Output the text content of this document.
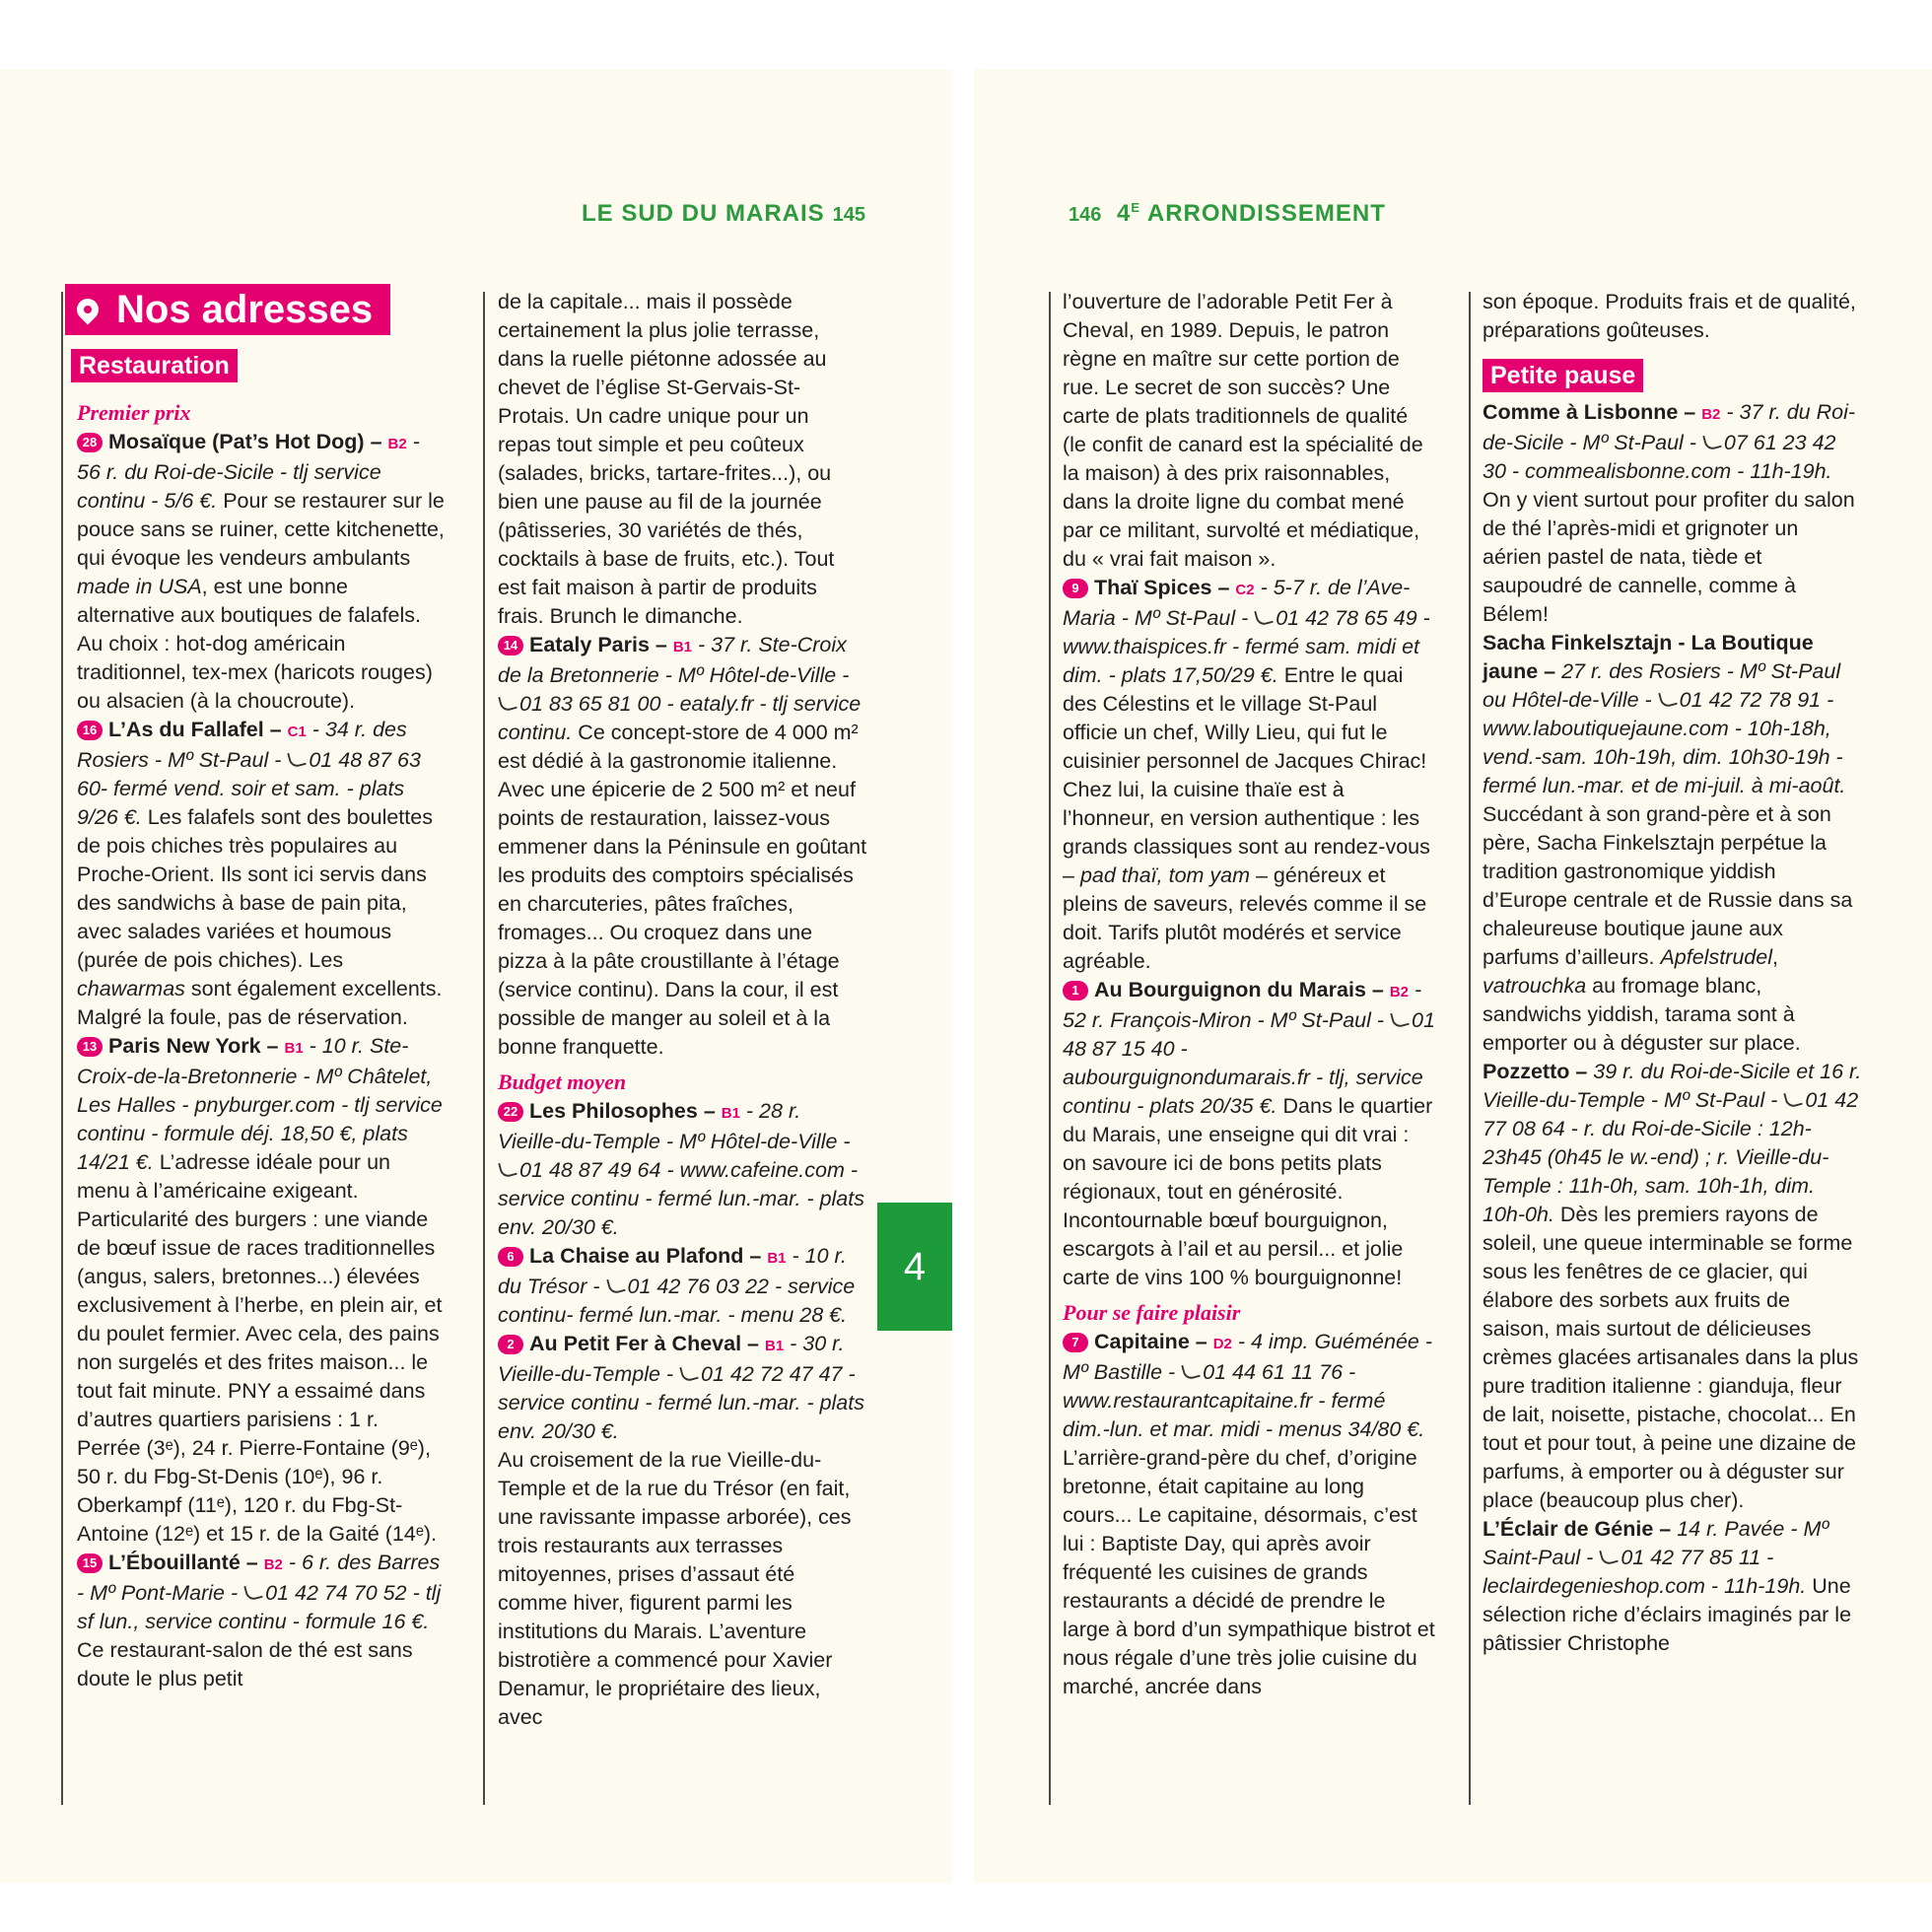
LE SUD DU MARAIS 145	146 $4^E$ ARRONDISSEMENT
4
Nos adresses

Restauration
Premier prix

28 Mosaïque (Pat’s Hot Dog) – B2 - 56 r. du Roi-de-Sicile - tlj service continu - 5/6 €. Pour se restaurer sur le pouce sans se ruiner, cette kitchenette, qui évoque les vendeurs ambulants made in USA, est une bonne alternative aux boutiques de falafels. Au choix : hot-dog américain traditionnel, tex-mex (haricots rouges) ou alsacien (à la choucroute).

16 L’As du Fallafel – C1 - 34 r. des Rosiers - Mº St-Paul - 01 48 87 63 60- fermé vend. soir et sam. - plats 9/26 €. Les falafels sont des boulettes de pois chiches très populaires au Proche-Orient. Ils sont ici servis dans des sandwichs à base de pain pita, avec salades variées et houmous (purée de pois chiches). Les chawarmas sont également excellents. Malgré la foule, pas de réservation.

13 Paris New York – B1 - 10 r. Ste-Croix-de-la-Bretonnerie - Mº Châtelet, Les Halles - pnyburger.com - tlj service continu - formule déj. 18,50 €, plats 14/21 €. L’adresse idéale pour un menu à l’américaine exigeant. Particularité des burgers : une viande de bœuf issue de races traditionnelles (angus, salers, bretonnes...) élevées exclusivement à l’herbe, en plein air, et du poulet fermier. Avec cela, des pains non surgelés et des frites maison... le tout fait minute. PNY a essaimé dans d’autres quartiers parisiens : 1 r. Perrée (3ᵉ), 24 r. Pierre-Fontaine (9ᵉ), 50 r. du Fbg-St-Denis (10ᵉ), 96 r. Oberkampf (11ᵉ), 120 r. du Fbg-St-Antoine (12ᵉ) et 15 r. de la Gaité (14ᵉ).

15 L’Ébouillanté – B2 - 6 r. des Barres - Mº Pont-Marie - 01 42 74 70 52 - tlj sf lun., service continu - formule 16 €. Ce restaurant-salon de thé est sans doute le plus petit

de la capitale... mais il possède certainement la plus jolie terrasse, dans la ruelle piétonne adossée au chevet de l’église St-Gervais-St-Protais. Un cadre unique pour un repas tout simple et peu coûteux (salades, bricks, tartare-frites...), ou bien une pause au fil de la journée (pâtisseries, 30 variétés de thés, cocktails à base de fruits, etc.). Tout est fait maison à partir de produits frais. Brunch le dimanche.

14 Eataly Paris – B1 - 37 r. Ste-Croix de la Bretonnerie - Mº Hôtel-de-Ville - 01 83 65 81 00 - eataly.fr - tlj service continu. Ce concept-store de 4 000 m² est dédié à la gastronomie italienne. Avec une épicerie de 2 500 m² et neuf points de restauration, laissez-vous emmener dans la Péninsule en goûtant les produits des comptoirs spécialisés en charcuteries, pâtes fraîches, fromages... Ou croquez dans une pizza à la pâte croustillante à l’étage (service continu). Dans la cour, il est possible de manger au soleil et à la bonne franquette.

Budget moyen

22 Les Philosophes – B1 - 28 r. Vieille-du-Temple - Mº Hôtel-de-Ville - 01 48 87 49 64 - www.cafeine.com - service continu - fermé lun.-mar. - plats env. 20/30 €.

6 La Chaise au Plafond – B1 - 10 r. du Trésor - 01 42 76 03 22 - service continu- fermé lun.-mar. - menu 28 €.

2 Au Petit Fer à Cheval – B1 - 30 r. Vieille-du-Temple - 01 42 72 47 47 - service continu - fermé lun.-mar. - plats env. 20/30 €.

Au croisement de la rue Vieille-du-Temple et de la rue du Trésor (en fait, une ravissante impasse arborée), ces trois restaurants aux terrasses mitoyennes, prises d’assaut été comme hiver, figurent parmi les institutions du Marais. L’aventure bistrotière a commencé pour Xavier Denamur, le propriétaire des lieux, avec

l’ouverture de l’adorable Petit Fer à Cheval, en 1989. Depuis, le patron règne en maître sur cette portion de rue. Le secret de son succès? Une carte de plats traditionnels de qualité (le confit de canard est la spécialité de la maison) à des prix raisonnables, dans la droite ligne du combat mené par ce militant, survolté et médiatique, du « vrai fait maison ».

9 Thaï Spices – C2 - 5-7 r. de l’Ave-Maria - Mº St-Paul - 01 42 78 65 49 - www.thaispices.fr - fermé sam. midi et dim. - plats 17,50/29 €. Entre le quai des Célestins et le village St-Paul officie un chef, Willy Lieu, qui fut le cuisinier personnel de Jacques Chirac! Chez lui, la cuisine thaïe est à l’honneur, en version authentique : les grands classiques sont au rendez-vous – pad thaï, tom yam – généreux et pleins de saveurs, relevés comme il se doit. Tarifs plutôt modérés et service agréable.

1 Au Bourguignon du Marais – B2 - 52 r. François-Miron - Mº St-Paul - 01 48 87 15 40 - aubourguignondumarais.fr - tlj, service continu - plats 20/35 €. Dans le quartier du Marais, une enseigne qui dit vrai : on savoure ici de bons petits plats régionaux, tout en générosité. Incontournable bœuf bourguignon, escargots à l’ail et au persil... et jolie carte de vins 100 % bourguignonne!

Pour se faire plaisir

7 Capitaine – D2 - 4 imp. Guéménée - Mº Bastille - 01 44 61 11 76 - www.restaurantcapitaine.fr - fermé dim.-lun. et mar. midi - menus 34/80 €. L’arrière-grand-père du chef, d’origine bretonne, était capitaine au long cours... Le capitaine, désormais, c’est lui : Baptiste Day, qui après avoir fréquenté les cuisines de grands restaurants a décidé de prendre le large à bord d’un sympathique bistrot et nous régale d’une très jolie cuisine du marché, ancrée dans

son époque. Produits frais et de qualité, préparations goûteuses.

Petite pause

Comme à Lisbonne – B2 - 37 r. du Roi-de-Sicile - Mº St-Paul - 07 61 23 42 30 - commealisbonne.com - 11h-19h. On y vient surtout pour profiter du salon de thé l’après-midi et grignoter un aérien pastel de nata, tiède et saupoudré de cannelle, comme à Bélem!

Sacha Finkelsztajn - La Boutique jaune – 27 r. des Rosiers - Mº St-Paul ou Hôtel-de-Ville - 01 42 72 78 91 - www.laboutiquejaune.com - 10h-18h, vend.-sam. 10h-19h, dim. 10h30-19h - fermé lun.-mar. et de mi-juil. à mi-août. Succédant à son grand-père et à son père, Sacha Finkelsztajn perpétue la tradition gastronomique yiddish d’Europe centrale et de Russie dans sa chaleureuse boutique jaune aux parfums d’ailleurs. Apfelstrudel, vatrouchka au fromage blanc, sandwichs yiddish, tarama sont à emporter ou à déguster sur place.

Pozzetto – 39 r. du Roi-de-Sicile et 16 r. Vieille-du-Temple - Mº St-Paul - 01 42 77 08 64 - r. du Roi-de-Sicile : 12h-23h45 (0h45 le w.-end) ; r. Vieille-du-Temple : 11h-0h, sam. 10h-1h, dim. 10h-0h. Dès les premiers rayons de soleil, une queue interminable se forme sous les fenêtres de ce glacier, qui élabore des sorbets aux fruits de saison, mais surtout de délicieuses crèmes glacées artisanales dans la plus pure tradition italienne : gianduja, fleur de lait, noisette, pistache, chocolat... En tout et pour tout, à peine une dizaine de parfums, à emporter ou à déguster sur place (beaucoup plus cher).

L’Éclair de Génie – 14 r. Pavée - Mº Saint-Paul - 01 42 77 85 11 - leclairdegenieshop.com - 11h-19h. Une sélection riche d’éclairs imaginés par le pâtissier Christophe
